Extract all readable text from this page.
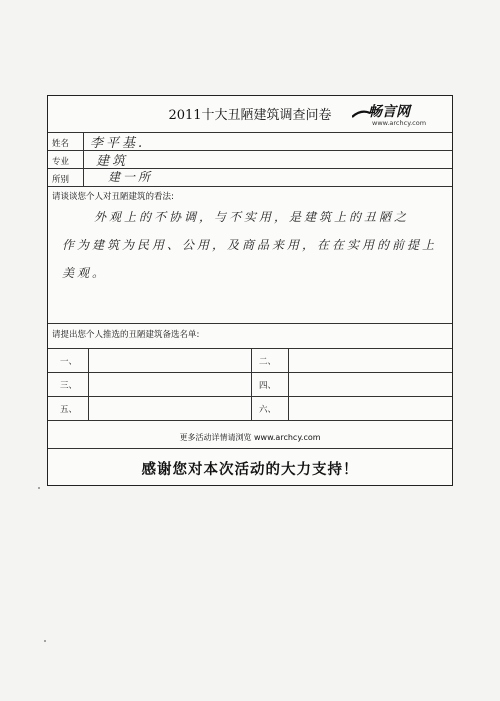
2011十大丑陋建筑调查问卷	畅言网
www.archcy.com
姓名 李平基.
专业 建筑
所别	建一所
请谈谈您个人对丑陋建筑的看法:
外观上的不协调，与不实用，是建筑上的丑陋之
作为建筑为民用、公用，及商品来用，在在实用的前提上
美观。
请提出您个人推选的丑陋建筑备选名单:
一、	二、
三、	四、
五、	六、
更多活动详情请浏览 www.archcy.com
感谢您对本次活动的大力支持！
